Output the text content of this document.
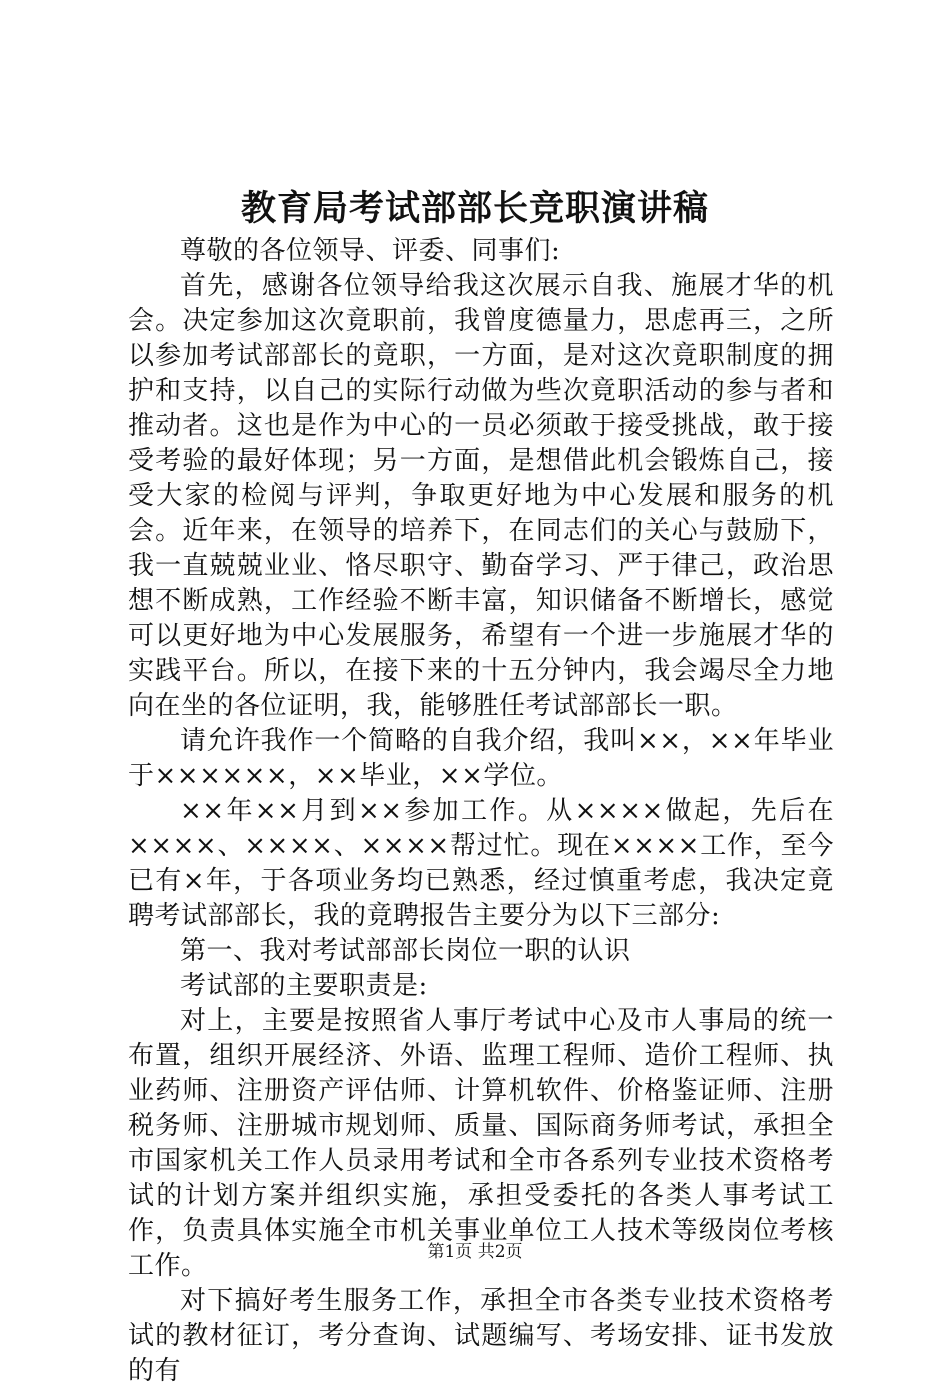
教育局考试部部长竞职演讲稿

尊敬的各位领导、评委、同事们:

首先，感谢各位领导给我这次展示自我、施展才华的机会。决定参加这次竟职前，我曾度德量力，思虑再三，之所以参加考试部部长的竟职，一方面，是对这次竟职制度的拥护和支持，以自己的实际行动做为些次竟职活动的参与者和推动者。这也是作为中心的一员必须敢于接受挑战，敢于接受考验的最好体现；另一方面，是想借此机会锻炼自己，接受大家的检阅与评判，争取更好地为中心发展和服务的机会。近年来，在领导的培养下，在同志们的关心与鼓励下，我一直兢兢业业、恪尽职守、勤奋学习、严于律己，政治思想不断成熟，工作经验不断丰富，知识储备不断增长，感觉可以更好地为中心发展服务，希望有一个进一步施展才华的实践平台。所以，在接下来的十五分钟内，我会竭尽全力地向在坐的各位证明，我，能够胜任考试部部长一职。

请允许我作一个简略的自我介绍，我叫××，××年毕业于××××××，××毕业，××学位。

××年××月到××参加工作。从××××做起，先后在××××、××××、××××帮过忙。现在××××工作，至今已有×年，于各项业务均已熟悉，经过慎重考虑，我决定竟聘考试部部长，我的竟聘报告主要分为以下三部分:

第一、我对考试部部长岗位一职的认识

考试部的主要职责是:

对上，主要是按照省人事厅考试中心及市人事局的统一布置，组织开展经济、外语、监理工程师、造价工程师、执业药师、注册资产评估师、计算机软件、价格鉴证师、注册税务师、注册城市规划师、质量、国际商务师考试，承担全市国家机关工作人员录用考试和全市各系列专业技术资格考试的计划方案并组织实施，承担受委托的各类人事考试工作，负责具体实施全市机关事业单位工人技术等级岗位考核工作。

对下搞好考生服务工作，承担全市各类专业技术资格考试的教材征订，考分查询、试题编写、考场安排、证书发放的有

第1页 共2页
